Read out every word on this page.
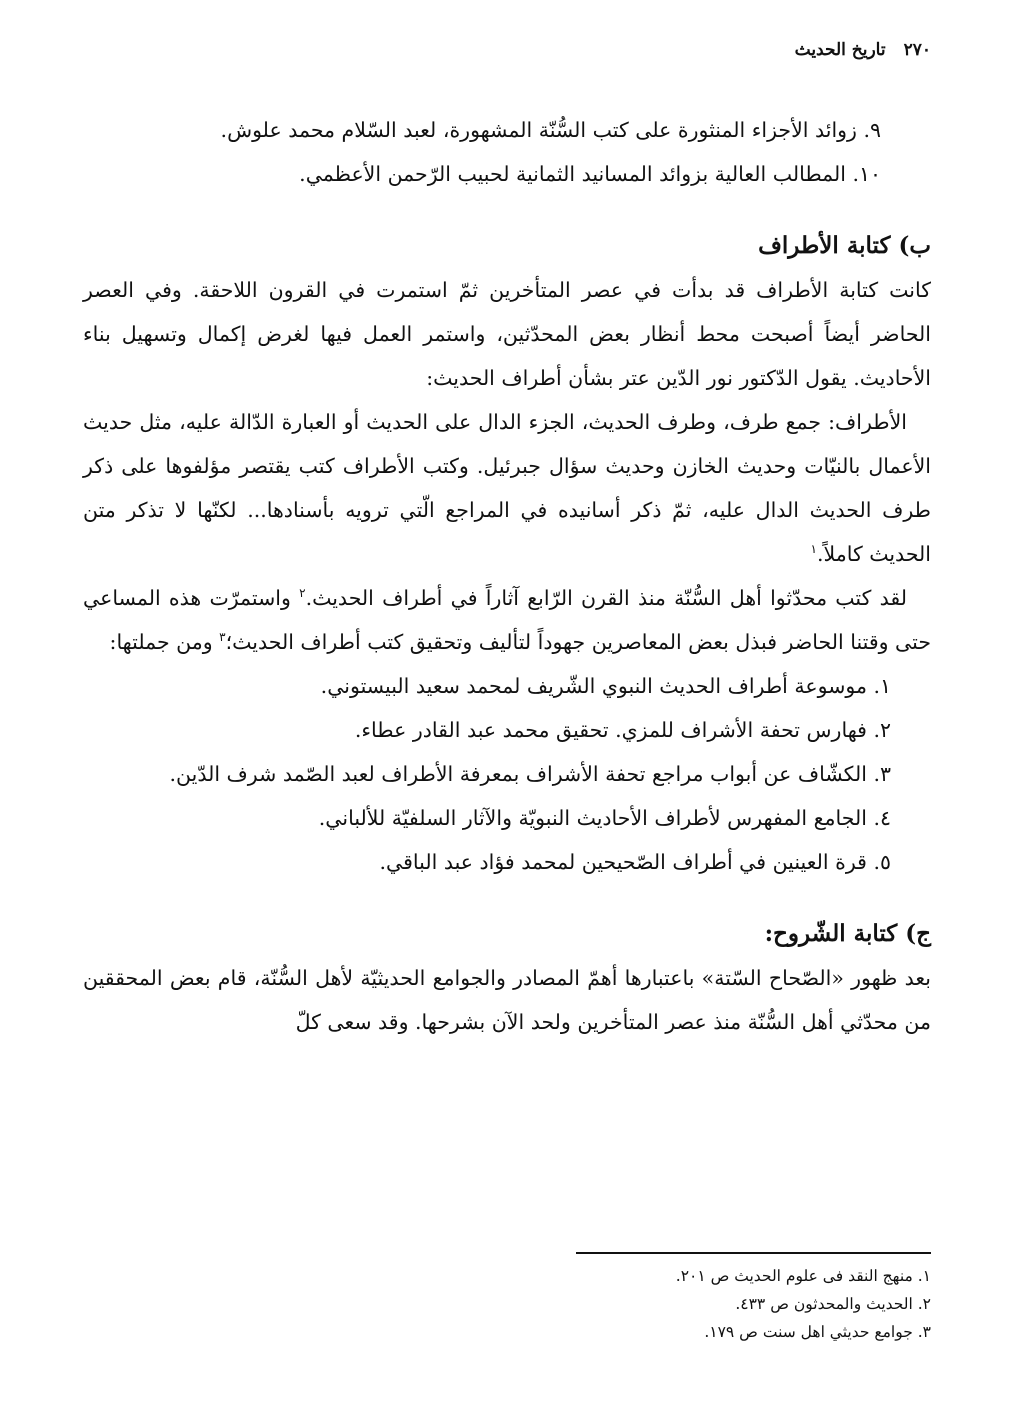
٢٧٠
تاريخ الحديث
٩. زوائد الأجزاء المنثورة على كتب السُّنّة المشهورة، لعبد السّلام محمد علوش.
١٠. المطالب العالية بزوائد المسانيد الثمانية لحبيب الرّحمن الأعظمي.
ب) كتابة الأطراف

كانت كتابة الأطراف قد بدأت في عصر المتأخرين ثمّ استمرت في القرون اللاحقة. وفي العصر الحاضر أيضاً أصبحت محط أنظار بعض المحدّثين، واستمر العمل فيها لغرض إكمال وتسهيل بناء الأحاديث. يقول الدّكتور نور الدّين عتر بشأن أطراف الحديث:

الأطراف: جمع طرف، وطرف الحديث، الجزء الدال على الحديث أو العبارة الدّالة عليه، مثل حديث الأعمال بالنيّات وحديث الخازن وحديث سؤال جبرئيل. وكتب الأطراف كتب يقتصر مؤلفوها على ذكر طرف الحديث الدال عليه، ثمّ ذكر أسانيده في المراجع الّتي ترويه بأسنادها... لكنّها لا تذكر متن الحديث كاملاً.$^١$

لقد كتب محدّثوا أهل السُّنّة منذ القرن الرّابع آثاراً في أطراف الحديث.$^٢$ واستمرّت هذه المساعي حتى وقتنا الحاضر فبذل بعض المعاصرين جهوداً لتأليف وتحقيق كتب أطراف الحديث؛$^٣$ ومن جملتها:

١. موسوعة أطراف الحديث النبوي الشّريف لمحمد سعيد البيستوني.
٢. فهارس تحفة الأشراف للمزي. تحقيق محمد عبد القادر عطاء.
٣. الكشّاف عن أبواب مراجع تحفة الأشراف بمعرفة الأطراف لعبد الصّمد شرف الدّين.
٤. الجامع المفهرس لأطراف الأحاديث النبويّة والآثار السلفيّة للألباني.
٥. قرة العينين في أطراف الصّحيحين لمحمد فؤاد عبد الباقي.
ج) كتابة الشّروح:

بعد ظهور «الصّحاح السّتة» باعتبارها أهمّ المصادر والجوامع الحديثيّة لأهل السُّنّة، قام بعض المحققين من محدّثي أهل السُّنّة منذ عصر المتأخرين ولحد الآن بشرحها. وقد سعى كلّ

١. منهج النقد فى علوم الحديث ص ٢٠١.
٢. الحديث والمحدثون ص ٤٣٣.
٣. جوامع حديثي اهل سنت ص ١٧٩.
